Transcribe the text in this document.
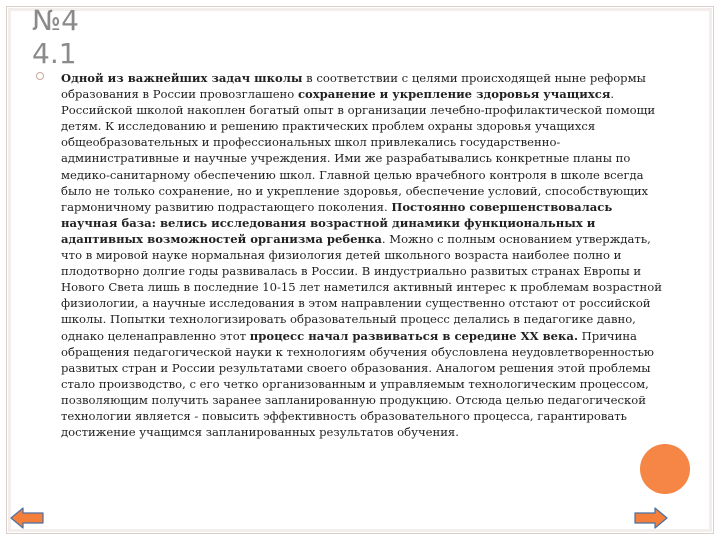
№4
4.1

Одной из важнейших задач школы в соответствии с целями происходящей ныне реформы образования в России провозглашено сохранение и укрепление здоровья учащихся. Российской школой накоплен богатый опыт в организации лечебно-профилактической помощи детям. К исследованию и решению практических проблем охраны здоровья учащихся общеобразовательных и профессиональных школ привлекались государственно-административные и научные учреждения. Ими же разрабатывались конкретные планы по медико-санитарному обеспечению школ. Главной целью врачебного контроля в школе всегда было не только сохранение, но и укрепление здоровья, обеспечение условий, способствующих гармоничному развитию подрастающего поколения. Постоянно совершенствовалась научная база: велись исследования возрастной динамики функциональных и адаптивных возможностей организма ребенка. Можно с полным основанием утверждать, что в мировой науке нормальная физиология детей школьного возраста наиболее полно и плодотворно долгие годы развивалась в России. В индустриально развитых странах Европы и Нового Света лишь в последние 10-15 лет наметился активный интерес к проблемам возрастной физиологии, а научные исследования в этом направлении существенно отстают от российской школы. Попытки технологизировать образовательный процесс делались в педагогике давно, однако целенаправленно этот процесс начал развиваться в середине XX века. Причина обращения педагогической науки к технологиям обучения обусловлена неудовлетворенностью развитых стран и России результатами своего образования. Аналогом решения этой проблемы стало производство, с его четко организованным и управляемым технологическим процессом, позволяющим получить заранее запланированную продукцию. Отсюда целью педагогической технологии является - повысить эффективность образовательного процесса, гарантировать достижение учащимся запланированных результатов обучения.
